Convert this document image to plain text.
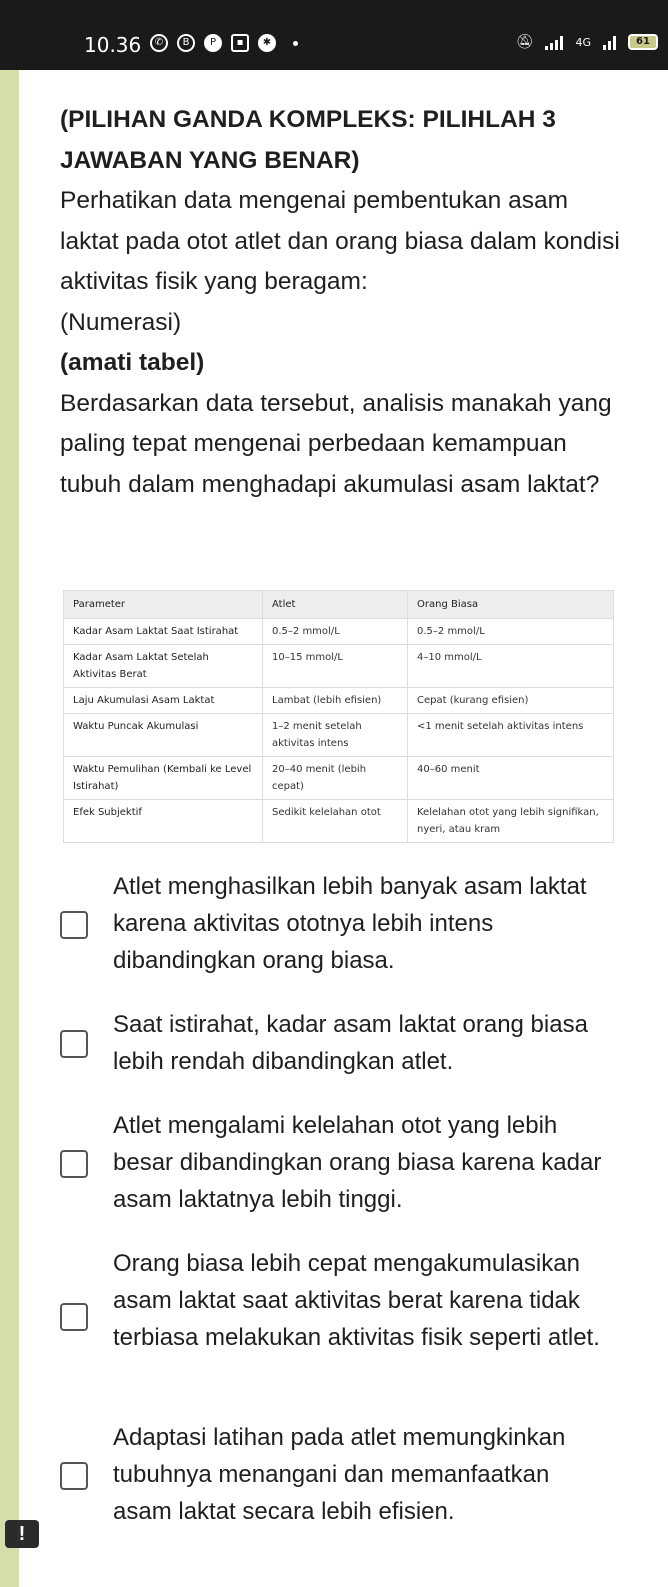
10.36	✆	B	P	▪	✱	🔕︎	4G	61

(PILIHAN GANDA KOMPLEKS: PILIHLAH 3 JAWABAN YANG BENAR)

Perhatikan data mengenai pembentukan asam laktat pada otot atlet dan orang biasa dalam kondisi aktivitas fisik yang beragam:

(Numerasi)

(amati tabel)

Berdasarkan data tersebut, analisis manakah yang paling tepat mengenai perbedaan kemampuan tubuh dalam menghadapi akumulasi asam laktat?

Parameter	Atlet	Orang Biasa
Kadar Asam Laktat Saat Istirahat	0.5–2 mmol/L	0.5–2 mmol/L
Kadar Asam Laktat Setelah Aktivitas Berat	10–15 mmol/L	4–10 mmol/L
Laju Akumulasi Asam Laktat	Lambat (lebih efisien)	Cepat (kurang efisien)
Waktu Puncak Akumulasi	1–2 menit setelah aktivitas intens	<1 menit setelah aktivitas intens
Waktu Pemulihan (Kembali ke Level Istirahat)	20–40 menit (lebih cepat)	40–60 menit
Efek Subjektif	Sedikit kelelahan otot	Kelelahan otot yang lebih signifikan, nyeri, atau kram
Atlet menghasilkan lebih banyak asam laktat karena aktivitas ototnya lebih intens dibandingkan orang biasa.
Saat istirahat, kadar asam laktat orang biasa lebih rendah dibandingkan atlet.
Atlet mengalami kelelahan otot yang lebih besar dibandingkan orang biasa karena kadar asam laktatnya lebih tinggi.
Orang biasa lebih cepat mengakumulasikan asam laktat saat aktivitas berat karena tidak terbiasa melakukan aktivitas fisik seperti atlet.
Adaptasi latihan pada atlet memungkinkan tubuhnya menangani dan memanfaatkan asam laktat secara lebih efisien.
!
